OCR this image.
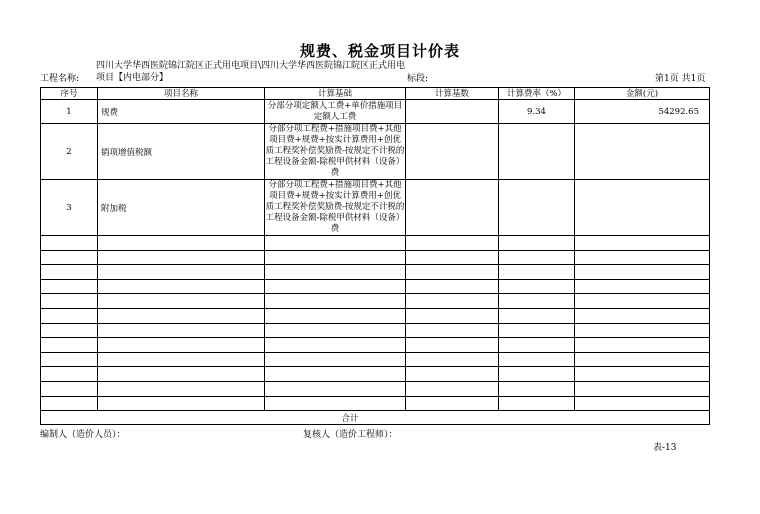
规费、税金项目计价表
工程名称:
四川大学华西医院锦江院区正式用电项目\四川大学华西医院锦江院区正式用电项目【内电部分】	标段:	第1页 共1页
序号	项目名称	计算基础	计算基数	计算费率（%）	金额(元)
1	规费	分部分项定额人工费+单价措施项目定额人工费		9.34	54292.65
2	销项增值税额	分部分项工程费+措施项目费+其他项目费+规费+按实计算费用+创优质工程奖补偿奖励费-按规定不计税的工程设备金额-除税甲供材料（设备）费			
3	附加税	分部分项工程费+措施项目费+其他项目费+规费+按实计算费用+创优质工程奖补偿奖励费-按规定不计税的工程设备金额-除税甲供材料（设备）费			

合计					
编制人（造价人员）：	复核人（造价工程师）：
表-13
